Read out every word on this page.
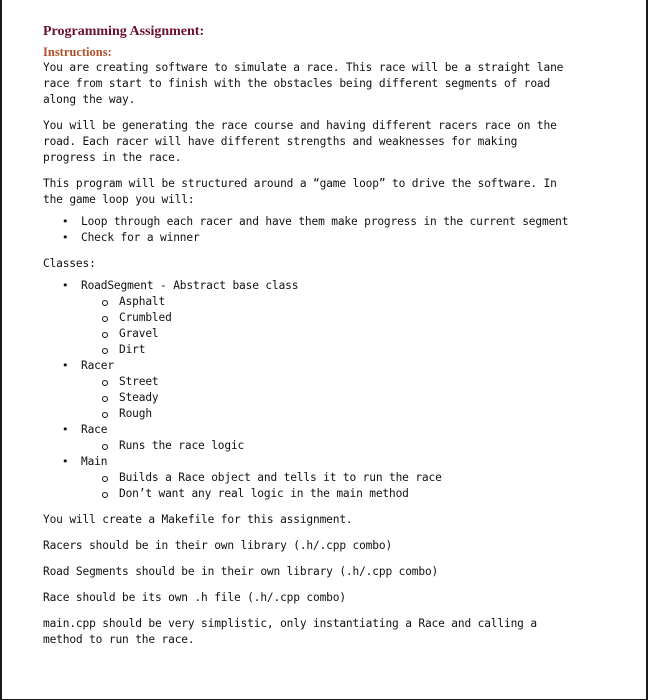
Programming Assignment:
Instructions:

You are creating software to simulate a race. This race will be a straight lane
race from start to finish with the obstacles being different segments of road
along the way.

You will be generating the race course and having different racers race on the
road. Each racer will have different strengths and weaknesses for making
progress in the race.

This program will be structured around a “game loop” to drive the software. In
the game loop you will:

• Loop through each racer and have them make progress in the current segment
• Check for a winner

Classes:

• RoadSegment - Abstract base class
Asphalt
Crumbled
Gravel
Dirt
• Racer
Street
Steady
Rough
• Race
Runs the race logic
• Main
Builds a Race object and tells it to run the race
Don’t want any real logic in the main method

You will create a Makefile for this assignment.

Racers should be in their own library (.h/.cpp combo)

Road Segments should be in their own library (.h/.cpp combo)

Race should be its own .h file (.h/.cpp combo)

main.cpp should be very simplistic, only instantiating a Race and calling a
method to run the race.
